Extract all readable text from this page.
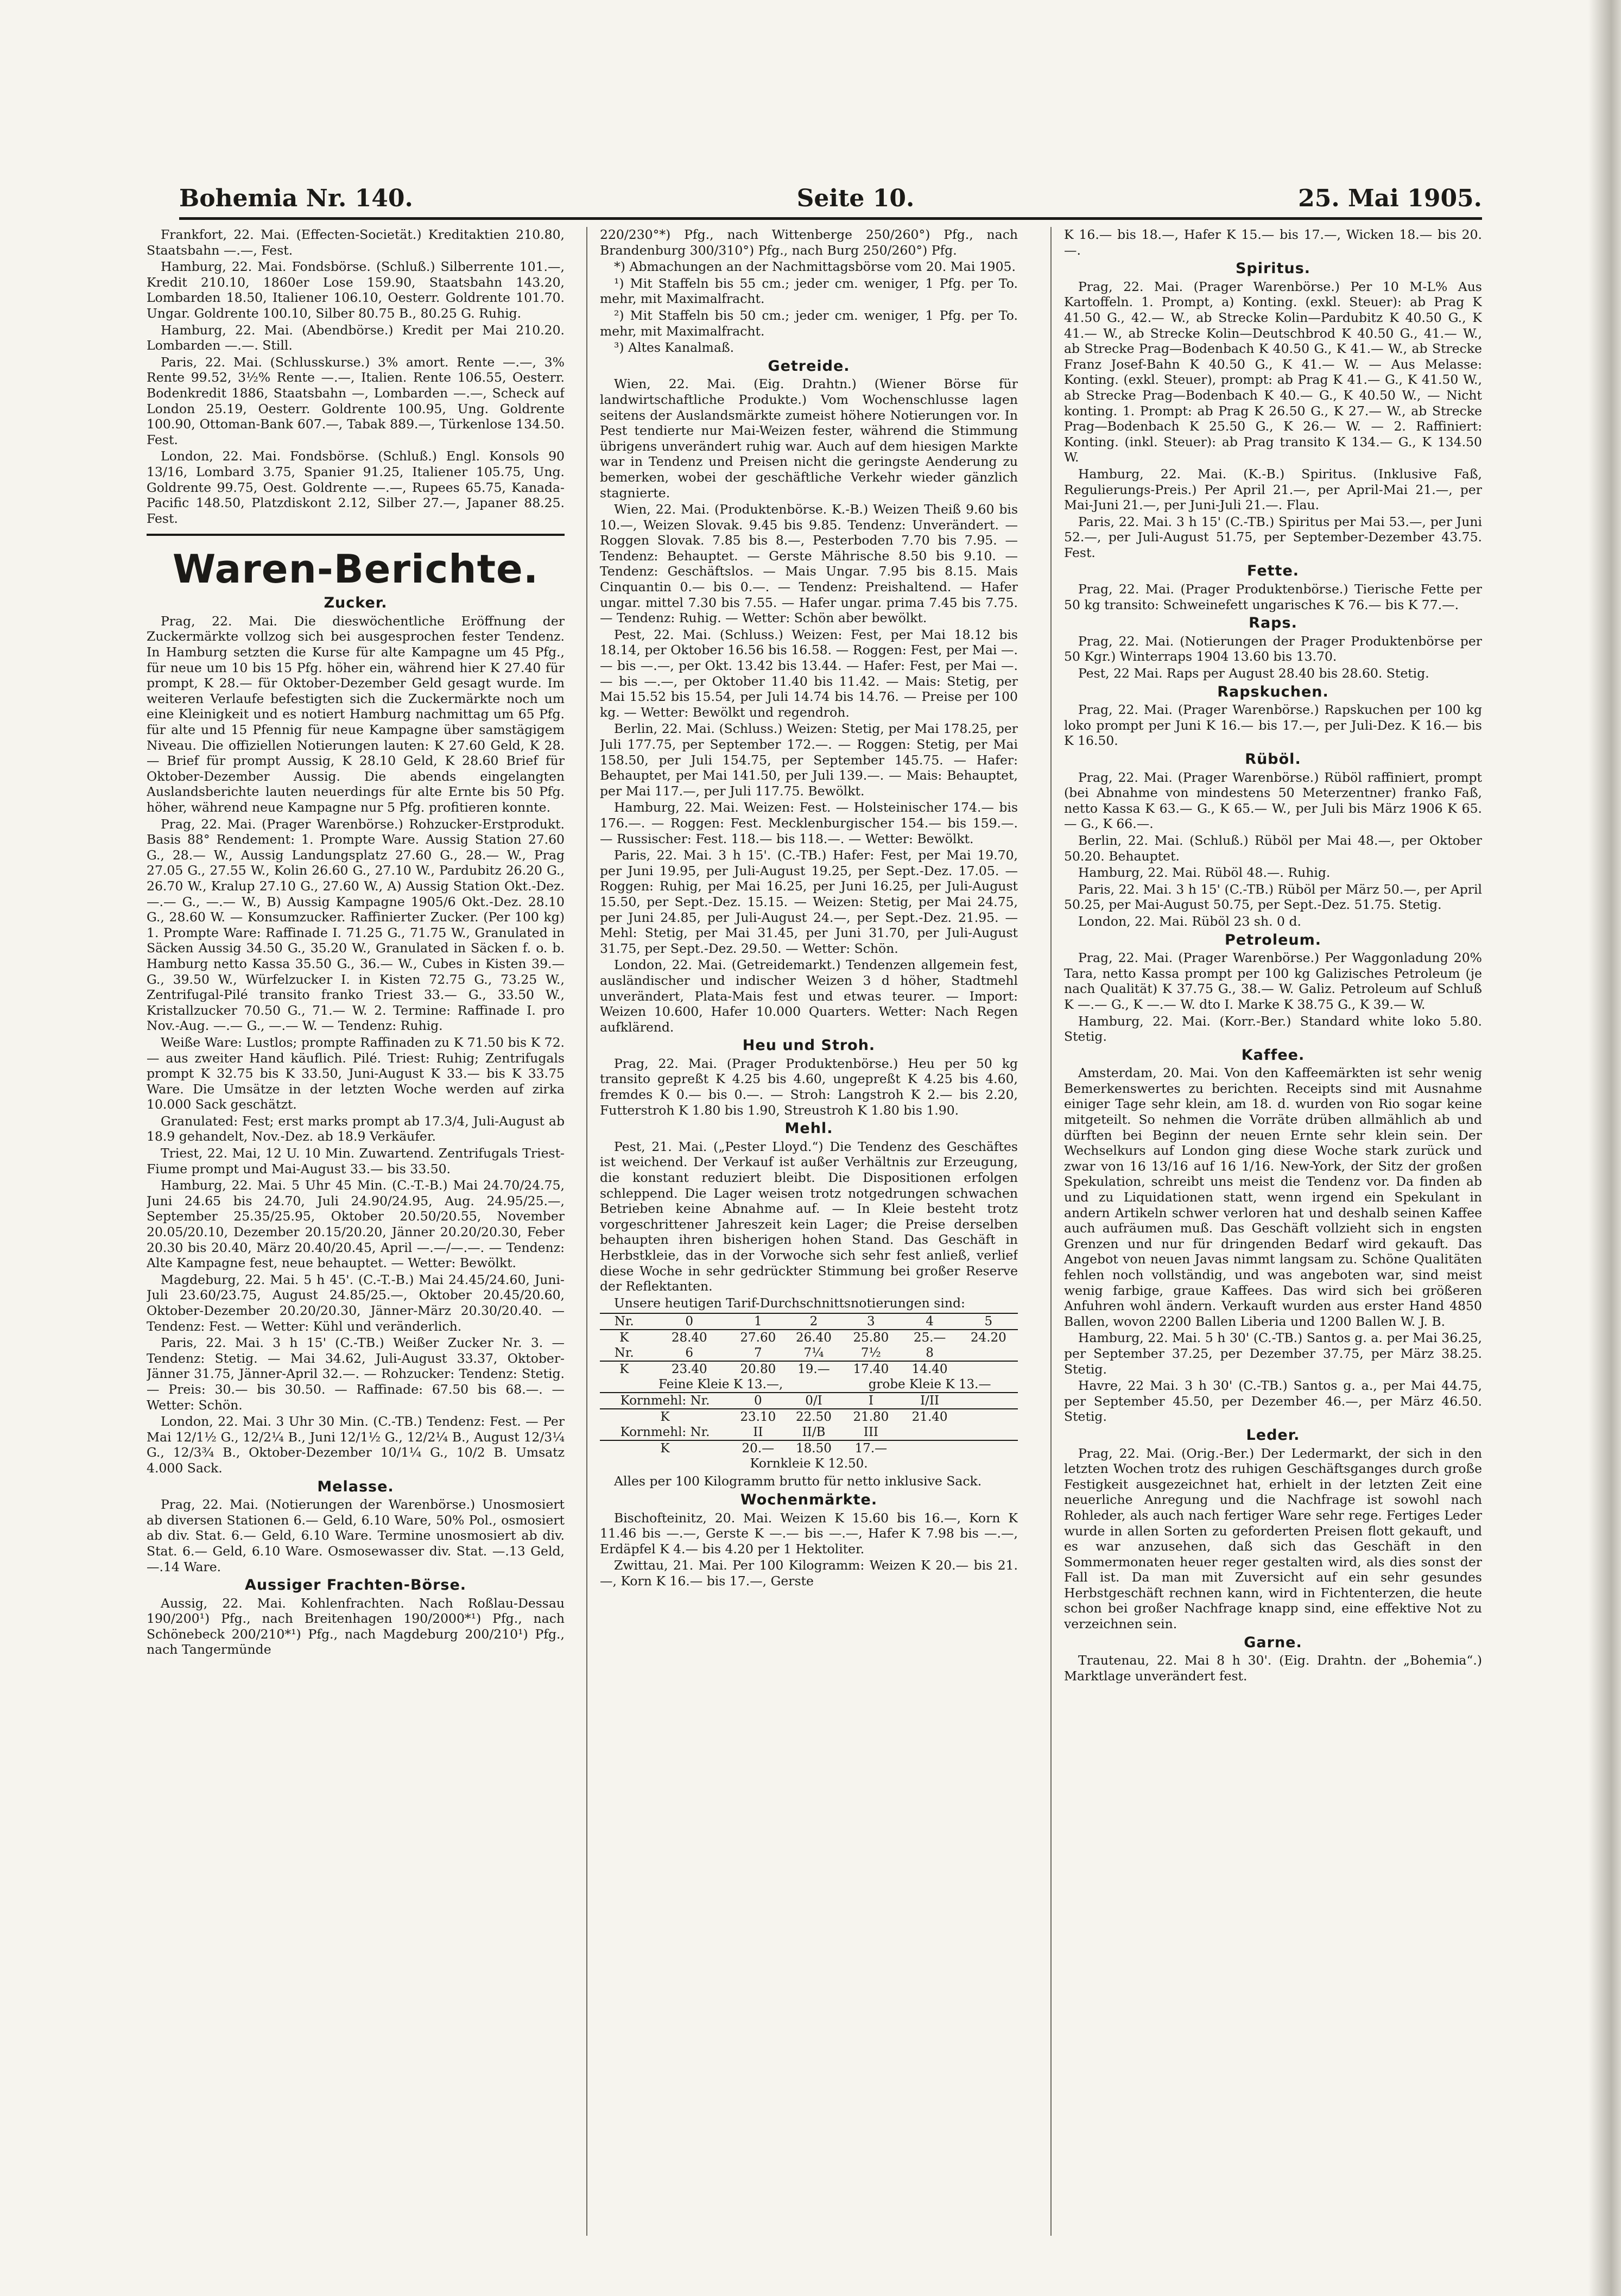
Bohemia Nr. 140.	Seite 10.	25. Mai 1905.

Frankfort, 22. Mai. (Effecten-Societät.) Kreditaktien 210.80, Staatsbahn —.—, Fest.

Hamburg, 22. Mai. Fondsbörse. (Schluß.) Silberrente 101.—, Kredit 210.10, 1860er Lose 159.90, Staatsbahn 143.20, Lombarden 18.50, Italiener 106.10, Oesterr. Goldrente 101.70. Ungar. Goldrente 100.10, Silber 80.75 B., 80.25 G. Ruhig.

Hamburg, 22. Mai. (Abendbörse.) Kredit per Mai 210.20. Lombarden —.—. Still.

Paris, 22. Mai. (Schlusskurse.) 3% amort. Rente —.—, 3% Rente 99.52, 3½% Rente —.—, Italien. Rente 106.55, Oesterr. Bodenkredit 1886, Staatsbahn —, Lombarden —.—, Scheck auf London 25.19, Oesterr. Goldrente 100.95, Ung. Goldrente 100.90, Ottoman-Bank 607.—, Tabak 889.—, Türkenlose 134.50. Fest.

London, 22. Mai. Fondsbörse. (Schluß.) Engl. Konsols 90 13/16, Lombard 3.75, Spanier 91.25, Italiener 105.75, Ung. Goldrente 99.75, Oest. Goldrente —.—, Rupees 65.75, Kanada-Pacific 148.50, Platzdiskont 2.12, Silber 27.—, Japaner 88.25. Fest.

Waren-Berichte.
Zucker.

Prag, 22. Mai. Die dieswöchentliche Eröffnung der Zuckermärkte vollzog sich bei ausgesprochen fester Tendenz. In Hamburg setzten die Kurse für alte Kampagne um 45 Pfg., für neue um 10 bis 15 Pfg. höher ein, während hier K 27.40 für prompt, K 28.— für Oktober-Dezember Geld gesagt wurde. Im weiteren Verlaufe befestigten sich die Zuckermärkte noch um eine Kleinigkeit und es notiert Hamburg nachmittag um 65 Pfg. für alte und 15 Pfennig für neue Kampagne über samstägigem Niveau. Die offiziellen Notierungen lauten: K 27.60 Geld, K 28.— Brief für prompt Aussig, K 28.10 Geld, K 28.60 Brief für Oktober-Dezember Aussig. Die abends eingelangten Auslandsberichte lauten neuerdings für alte Ernte bis 50 Pfg. höher, während neue Kampagne nur 5 Pfg. profitieren konnte.

Prag, 22. Mai. (Prager Warenbörse.) Rohzucker-Erstprodukt. Basis 88° Rendement: 1. Prompte Ware. Aussig Station 27.60 G., 28.— W., Aussig Landungsplatz 27.60 G., 28.— W., Prag 27.05 G., 27.55 W., Kolin 26.60 G., 27.10 W., Pardubitz 26.20 G., 26.70 W., Kralup 27.10 G., 27.60 W., A) Aussig Station Okt.-Dez. —.— G., —.— W., B) Aussig Kampagne 1905/6 Okt.-Dez. 28.10 G., 28.60 W. — Konsumzucker. Raffinierter Zucker. (Per 100 kg) 1. Prompte Ware: Raffinade I. 71.25 G., 71.75 W., Granulated in Säcken Aussig 34.50 G., 35.20 W., Granulated in Säcken f. o. b. Hamburg netto Kassa 35.50 G., 36.— W., Cubes in Kisten 39.— G., 39.50 W., Würfelzucker I. in Kisten 72.75 G., 73.25 W., Zentrifugal-Pilé transito franko Triest 33.— G., 33.50 W., Kristallzucker 70.50 G., 71.— W. 2. Termine: Raffinade I. pro Nov.-Aug. —.— G., —.— W. — Tendenz: Ruhig.

Weiße Ware: Lustlos; prompte Raffinaden zu K 71.50 bis K 72.— aus zweiter Hand käuflich. Pilé. Triest: Ruhig; Zentrifugals prompt K 32.75 bis K 33.50, Juni-August K 33.— bis K 33.75 Ware. Die Umsätze in der letzten Woche werden auf zirka 10.000 Sack geschätzt.

Granulated: Fest; erst marks prompt ab 17.3/4, Juli-August ab 18.9 gehandelt, Nov.-Dez. ab 18.9 Verkäufer.

Triest, 22. Mai, 12 U. 10 Min. Zuwartend. Zentrifugals Triest-Fiume prompt und Mai-August 33.— bis 33.50.

Hamburg, 22. Mai. 5 Uhr 45 Min. (C.-T.-B.) Mai 24.70/24.75, Juni 24.65 bis 24.70, Juli 24.90/24.95, Aug. 24.95/25.—, September 25.35/25.95, Oktober 20.50/20.55, November 20.05/20.10, Dezember 20.15/20.20, Jänner 20.20/20.30, Feber 20.30 bis 20.40, März 20.40/20.45, April —.—/—.—. — Tendenz: Alte Kampagne fest, neue behauptet. — Wetter: Bewölkt.

Magdeburg, 22. Mai. 5 h 45'. (C.-T.-B.) Mai 24.45/24.60, Juni-Juli 23.60/23.75, August 24.85/25.—, Oktober 20.45/20.60, Oktober-Dezember 20.20/20.30, Jänner-März 20.30/20.40. — Tendenz: Fest. — Wetter: Kühl und veränderlich.

Paris, 22. Mai. 3 h 15' (C.-TB.) Weißer Zucker Nr. 3. — Tendenz: Stetig. — Mai 34.62, Juli-August 33.37, Oktober-Jänner 31.75, Jänner-April 32.—. — Rohzucker: Tendenz: Stetig. — Preis: 30.— bis 30.50. — Raffinade: 67.50 bis 68.—. — Wetter: Schön.

London, 22. Mai. 3 Uhr 30 Min. (C.-TB.) Tendenz: Fest. — Per Mai 12/1½ G., 12/2¼ B., Juni 12/1½ G., 12/2¼ B., August 12/3¼ G., 12/3¾ B., Oktober-Dezember 10/1¼ G., 10/2 B. Umsatz 4.000 Sack.

Melasse.

Prag, 22. Mai. (Notierungen der Warenbörse.) Unosmosiert ab diversen Stationen 6.— Geld, 6.10 Ware, 50% Pol., osmosiert ab div. Stat. 6.— Geld, 6.10 Ware. Termine unosmosiert ab div. Stat. 6.— Geld, 6.10 Ware. Osmosewasser div. Stat. —.13 Geld, —.14 Ware.

Aussiger Frachten-Börse.

Aussig, 22. Mai. Kohlenfrachten. Nach Roßlau-Dessau 190/200¹) Pfg., nach Breitenhagen 190/2000*¹) Pfg., nach Schönebeck 200/210*¹) Pfg., nach Magdeburg 200/210¹) Pfg., nach Tangermünde

220/230°*) Pfg., nach Wittenberge 250/260°) Pfg., nach Brandenburg 300/310°) Pfg., nach Burg 250/260°) Pfg.

*) Abmachungen an der Nachmittagsbörse vom 20. Mai 1905.

¹) Mit Staffeln bis 55 cm.; jeder cm. weniger, 1 Pfg. per To. mehr, mit Maximalfracht.

²) Mit Staffeln bis 50 cm.; jeder cm. weniger, 1 Pfg. per To. mehr, mit Maximalfracht.

³) Altes Kanalmaß.

Getreide.

Wien, 22. Mai. (Eig. Drahtn.) (Wiener Börse für landwirtschaftliche Produkte.) Vom Wochenschlusse lagen seitens der Auslandsmärkte zumeist höhere Notierungen vor. In Pest tendierte nur Mai-Weizen fester, während die Stimmung übrigens unverändert ruhig war. Auch auf dem hiesigen Markte war in Tendenz und Preisen nicht die geringste Aenderung zu bemerken, wobei der geschäftliche Verkehr wieder gänzlich stagnierte.

Wien, 22. Mai. (Produktenbörse. K.-B.) Weizen Theiß 9.60 bis 10.—, Weizen Slovak. 9.45 bis 9.85. Tendenz: Unverändert. — Roggen Slovak. 7.85 bis 8.—, Pesterboden 7.70 bis 7.95. — Tendenz: Behauptet. — Gerste Mährische 8.50 bis 9.10. — Tendenz: Geschäftslos. — Mais Ungar. 7.95 bis 8.15. Mais Cinquantin 0.— bis 0.—. — Tendenz: Preishaltend. — Hafer ungar. mittel 7.30 bis 7.55. — Hafer ungar. prima 7.45 bis 7.75. — Tendenz: Ruhig. — Wetter: Schön aber bewölkt.

Pest, 22. Mai. (Schluss.) Weizen: Fest, per Mai 18.12 bis 18.14, per Oktober 16.56 bis 16.58. — Roggen: Fest, per Mai —.— bis —.—, per Okt. 13.42 bis 13.44. — Hafer: Fest, per Mai —.— bis —.—, per Oktober 11.40 bis 11.42. — Mais: Stetig, per Mai 15.52 bis 15.54, per Juli 14.74 bis 14.76. — Preise per 100 kg. — Wetter: Bewölkt und regendroh.

Berlin, 22. Mai. (Schluss.) Weizen: Stetig, per Mai 178.25, per Juli 177.75, per September 172.—. — Roggen: Stetig, per Mai 158.50, per Juli 154.75, per September 145.75. — Hafer: Behauptet, per Mai 141.50, per Juli 139.—. — Mais: Behauptet, per Mai 117.—, per Juli 117.75. Bewölkt.

Hamburg, 22. Mai. Weizen: Fest. — Holsteinischer 174.— bis 176.—. — Roggen: Fest. Mecklenburgischer 154.— bis 159.—. — Russischer: Fest. 118.— bis 118.—. — Wetter: Bewölkt.

Paris, 22. Mai. 3 h 15'. (C.-TB.) Hafer: Fest, per Mai 19.70, per Juni 19.95, per Juli-August 19.25, per Sept.-Dez. 17.05. — Roggen: Ruhig, per Mai 16.25, per Juni 16.25, per Juli-August 15.50, per Sept.-Dez. 15.15. — Weizen: Stetig, per Mai 24.75, per Juni 24.85, per Juli-August 24.—, per Sept.-Dez. 21.95. — Mehl: Stetig, per Mai 31.45, per Juni 31.70, per Juli-August 31.75, per Sept.-Dez. 29.50. — Wetter: Schön.

London, 22. Mai. (Getreidemarkt.) Tendenzen allgemein fest, ausländischer und indischer Weizen 3 d höher, Stadtmehl unverändert, Plata-Mais fest und etwas teurer. — Import: Weizen 10.600, Hafer 10.000 Quarters. Wetter: Nach Regen aufklärend.

Heu und Stroh.

Prag, 22. Mai. (Prager Produktenbörse.) Heu per 50 kg transito gepreßt K 4.25 bis 4.60, ungepreßt K 4.25 bis 4.60, fremdes K 0.— bis 0.—. — Stroh: Langstroh K 2.— bis 2.20, Futterstroh K 1.80 bis 1.90, Streustroh K 1.80 bis 1.90.

Mehl.

Pest, 21. Mai. („Pester Lloyd.“) Die Tendenz des Geschäftes ist weichend. Der Verkauf ist außer Verhältnis zur Erzeugung, die konstant reduziert bleibt. Die Dispositionen erfolgen schleppend. Die Lager weisen trotz notgedrungen schwachen Betrieben keine Abnahme auf. — In Kleie besteht trotz vorgeschrittener Jahreszeit kein Lager; die Preise derselben behaupten ihren bisherigen hohen Stand. Das Geschäft in Herbstkleie, das in der Vorwoche sich sehr fest anließ, verlief diese Woche in sehr gedrückter Stimmung bei großer Reserve der Reflektanten.

Unsere heutigen Tarif-Durchschnittsnotierungen sind:

Nr.	0	1	2	3	4	5
K	28.40	27.60	26.40	25.80	25.—	24.20
Nr.	6	7	7¼	7½	8	
K	23.40	20.80	19.—	17.40	14.40	
Feine Kleie K 13.—,				grobe Kleie K 13.—		
Kornmehl: Nr.		0	0/I	I	I/II	
K		23.10	22.50	21.80	21.40	
Kornmehl: Nr.		II	II/B	III		
K		20.—	18.50	17.—		
Kornkleie K 12.50.						

Alles per 100 Kilogramm brutto für netto inklusive Sack.

Wochenmärkte.

Bischofteinitz, 20. Mai. Weizen K 15.60 bis 16.—, Korn K 11.46 bis —.—, Gerste K —.— bis —.—, Hafer K 7.98 bis —.—, Erdäpfel K 4.— bis 4.20 per 1 Hektoliter.

Zwittau, 21. Mai. Per 100 Kilogramm: Weizen K 20.— bis 21.—, Korn K 16.— bis 17.—, Gerste

K 16.— bis 18.—, Hafer K 15.— bis 17.—, Wicken 18.— bis 20.—.

Spiritus.

Prag, 22. Mai. (Prager Warenbörse.) Per 10 M-L% Aus Kartoffeln. 1. Prompt, a) Konting. (exkl. Steuer): ab Prag K 41.50 G., 42.— W., ab Strecke Kolin—Pardubitz K 40.50 G., K 41.— W., ab Strecke Kolin—Deutschbrod K 40.50 G., 41.— W., ab Strecke Prag—Bodenbach K 40.50 G., K 41.— W., ab Strecke Franz Josef-Bahn K 40.50 G., K 41.— W. — Aus Melasse: Konting. (exkl. Steuer), prompt: ab Prag K 41.— G., K 41.50 W., ab Strecke Prag—Bodenbach K 40.— G., K 40.50 W., — Nicht konting. 1. Prompt: ab Prag K 26.50 G., K 27.— W., ab Strecke Prag—Bodenbach K 25.50 G., K 26.— W. — 2. Raffiniert: Konting. (inkl. Steuer): ab Prag transito K 134.— G., K 134.50 W.

Hamburg, 22. Mai. (K.-B.) Spiritus. (Inklusive Faß, Regulierungs-Preis.) Per April 21.—, per April-Mai 21.—, per Mai-Juni 21.—, per Juni-Juli 21.—. Flau.

Paris, 22. Mai. 3 h 15' (C.-TB.) Spiritus per Mai 53.—, per Juni 52.—, per Juli-August 51.75, per September-Dezember 43.75. Fest.

Fette.

Prag, 22. Mai. (Prager Produktenbörse.) Tierische Fette per 50 kg transito: Schweinefett ungarisches K 76.— bis K 77.—.

Raps.

Prag, 22. Mai. (Notierungen der Prager Produktenbörse per 50 Kgr.) Winterraps 1904 13.60 bis 13.70.

Pest, 22 Mai. Raps per August 28.40 bis 28.60. Stetig.

Rapskuchen.

Prag, 22. Mai. (Prager Warenbörse.) Rapskuchen per 100 kg loko prompt per Juni K 16.— bis 17.—, per Juli-Dez. K 16.— bis K 16.50.

Rüböl.

Prag, 22. Mai. (Prager Warenbörse.) Rüböl raffiniert, prompt (bei Abnahme von mindestens 50 Meterzentner) franko Faß, netto Kassa K 63.— G., K 65.— W., per Juli bis März 1906 K 65.— G., K 66.—.

Berlin, 22. Mai. (Schluß.) Rüböl per Mai 48.—, per Oktober 50.20. Behauptet.

Hamburg, 22. Mai. Rüböl 48.—. Ruhig.

Paris, 22. Mai. 3 h 15' (C.-TB.) Rüböl per März 50.—, per April 50.25, per Mai-August 50.75, per Sept.-Dez. 51.75. Stetig.

London, 22. Mai. Rüböl 23 sh. 0 d.

Petroleum.

Prag, 22. Mai. (Prager Warenbörse.) Per Waggonladung 20% Tara, netto Kassa prompt per 100 kg Galizisches Petroleum (je nach Qualität) K 37.75 G., 38.— W. Galiz. Petroleum auf Schluß K —.— G., K —.— W. dto I. Marke K 38.75 G., K 39.— W.

Hamburg, 22. Mai. (Korr.-Ber.) Standard white loko 5.80. Stetig.

Kaffee.

Amsterdam, 20. Mai. Von den Kaffeemärkten ist sehr wenig Bemerkenswertes zu berichten. Receipts sind mit Ausnahme einiger Tage sehr klein, am 18. d. wurden von Rio sogar keine mitgeteilt. So nehmen die Vorräte drüben allmählich ab und dürften bei Beginn der neuen Ernte sehr klein sein. Der Wechselkurs auf London ging diese Woche stark zurück und zwar von 16 13/16 auf 16 1/16. New-York, der Sitz der großen Spekulation, schreibt uns meist die Tendenz vor. Da finden ab und zu Liquidationen statt, wenn irgend ein Spekulant in andern Artikeln schwer verloren hat und deshalb seinen Kaffee auch aufräumen muß. Das Geschäft vollzieht sich in engsten Grenzen und nur für dringenden Bedarf wird gekauft. Das Angebot von neuen Javas nimmt langsam zu. Schöne Qualitäten fehlen noch vollständig, und was angeboten war, sind meist wenig farbige, graue Kaffees. Das wird sich bei größeren Anfuhren wohl ändern. Verkauft wurden aus erster Hand 4850 Ballen, wovon 2200 Ballen Liberia und 1200 Ballen W. J. B.

Hamburg, 22. Mai. 5 h 30' (C.-TB.) Santos g. a. per Mai 36.25, per September 37.25, per Dezember 37.75, per März 38.25. Stetig.

Havre, 22 Mai. 3 h 30' (C.-TB.) Santos g. a., per Mai 44.75, per September 45.50, per Dezember 46.—, per März 46.50. Stetig.

Leder.

Prag, 22. Mai. (Orig.-Ber.) Der Ledermarkt, der sich in den letzten Wochen trotz des ruhigen Geschäftsganges durch große Festigkeit ausgezeichnet hat, erhielt in der letzten Zeit eine neuerliche Anregung und die Nachfrage ist sowohl nach Rohleder, als auch nach fertiger Ware sehr rege. Fertiges Leder wurde in allen Sorten zu geforderten Preisen flott gekauft, und es war anzusehen, daß sich das Geschäft in den Sommermonaten heuer reger gestalten wird, als dies sonst der Fall ist. Da man mit Zuversicht auf ein sehr gesundes Herbstgeschäft rechnen kann, wird in Fichtenterzen, die heute schon bei großer Nachfrage knapp sind, eine effektive Not zu verzeichnen sein.

Garne.

Trautenau, 22. Mai 8 h 30'. (Eig. Drahtn. der „Bohemia“.) Marktlage unverändert fest.
